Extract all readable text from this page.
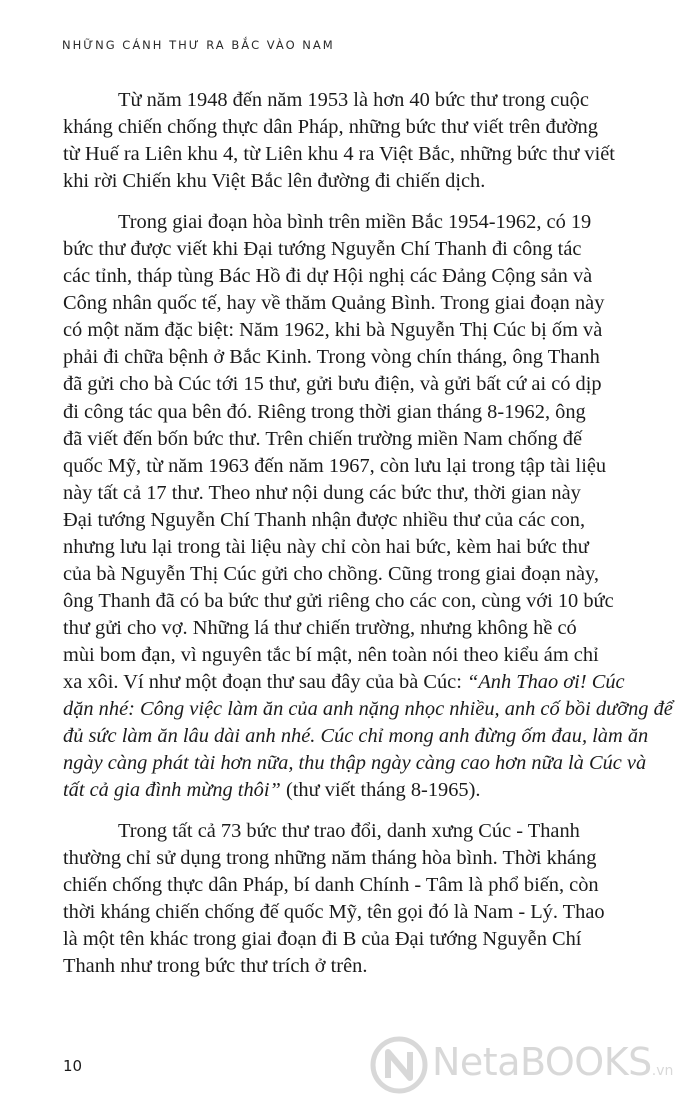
NHỮNG CÁNH THƯ RA BẮC VÀO NAM

Từ năm 1948 đến năm 1953 là hơn 40 bức thư trong cuộc
kháng chiến chống thực dân Pháp, những bức thư viết trên đường
từ Huế ra Liên khu 4, từ Liên khu 4 ra Việt Bắc, những bức thư viết
khi rời Chiến khu Việt Bắc lên đường đi chiến dịch.

Trong giai đoạn hòa bình trên miền Bắc 1954-1962, có 19
bức thư được viết khi Đại tướng Nguyễn Chí Thanh đi công tác
các tỉnh, tháp tùng Bác Hồ đi dự Hội nghị các Đảng Cộng sản và
Công nhân quốc tế, hay về thăm Quảng Bình. Trong giai đoạn này
có một năm đặc biệt: Năm 1962, khi bà Nguyễn Thị Cúc bị ốm và
phải đi chữa bệnh ở Bắc Kinh. Trong vòng chín tháng, ông Thanh
đã gửi cho bà Cúc tới 15 thư, gửi bưu điện, và gửi bất cứ ai có dịp
đi công tác qua bên đó. Riêng trong thời gian tháng 8-1962, ông
đã viết đến bốn bức thư. Trên chiến trường miền Nam chống đế
quốc Mỹ, từ năm 1963 đến năm 1967, còn lưu lại trong tập tài liệu
này tất cả 17 thư. Theo như nội dung các bức thư, thời gian này
Đại tướng Nguyễn Chí Thanh nhận được nhiều thư của các con,
nhưng lưu lại trong tài liệu này chỉ còn hai bức, kèm hai bức thư
của bà Nguyễn Thị Cúc gửi cho chồng. Cũng trong giai đoạn này,
ông Thanh đã có ba bức thư gửi riêng cho các con, cùng với 10 bức
thư gửi cho vợ. Những lá thư chiến trường, nhưng không hề có
mùi bom đạn, vì nguyên tắc bí mật, nên toàn nói theo kiểu ám chỉ
xa xôi. Ví như một đoạn thư sau đây của bà Cúc: “Anh Thao ơi! Cúc
dặn nhé: Công việc làm ăn của anh nặng nhọc nhiều, anh cố bồi dưỡng để
đủ sức làm ăn lâu dài anh nhé. Cúc chỉ mong anh đừng ốm đau, làm ăn
ngày càng phát tài hơn nữa, thu thập ngày càng cao hơn nữa là Cúc và
tất cả gia đình mừng thôi” (thư viết tháng 8-1965).

Trong tất cả 73 bức thư trao đổi, danh xưng Cúc - Thanh
thường chỉ sử dụng trong những năm tháng hòa bình. Thời kháng
chiến chống thực dân Pháp, bí danh Chính - Tâm là phổ biến, còn
thời kháng chiến chống đế quốc Mỹ, tên gọi đó là Nam - Lý. Thao
là một tên khác trong giai đoạn đi B của Đại tướng Nguyễn Chí
Thanh như trong bức thư trích ở trên.

10	NetaBOOKS.vn
